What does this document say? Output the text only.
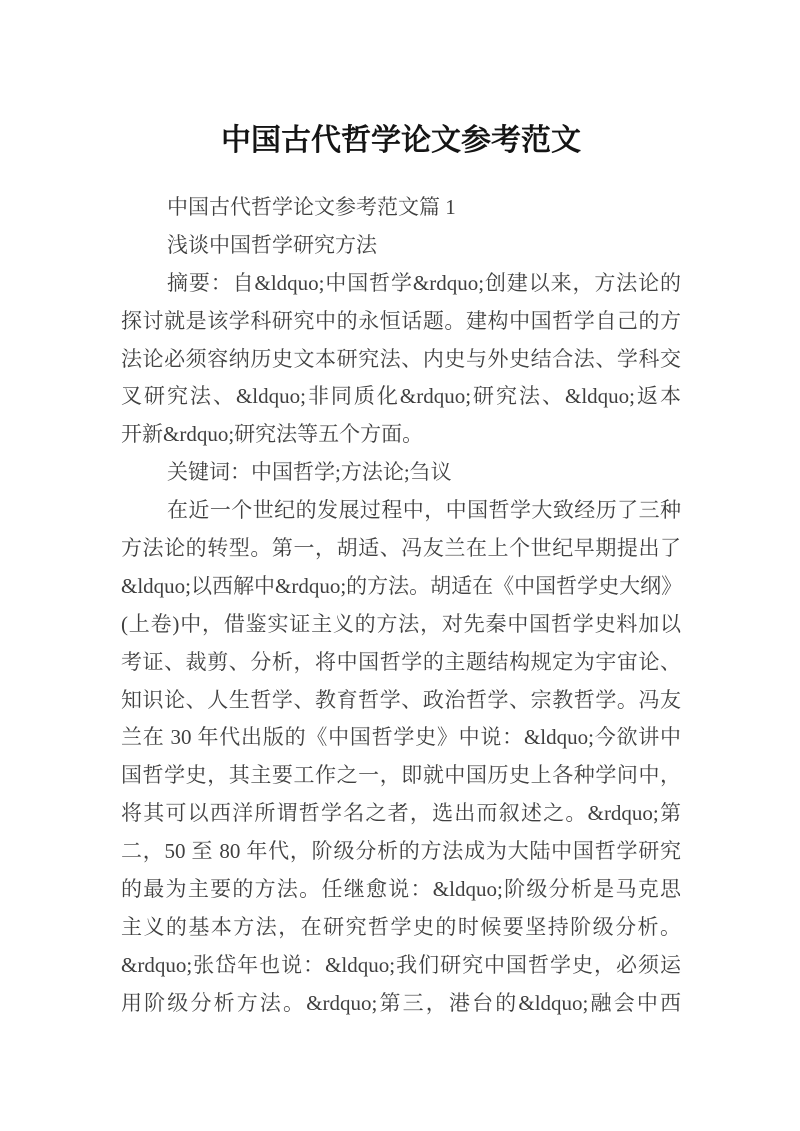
中国古代哲学论文参考范文
中国古代哲学论文参考范文篇 1
浅谈中国哲学研究方法
摘要：自&ldquo;中国哲学&rdquo;创建以来，方法论的
探讨就是该学科研究中的永恒话题。建构中国哲学自己的方
法论必须容纳历史文本研究法、内史与外史结合法、学科交
叉研究法、&ldquo;非同质化&rdquo;研究法、&ldquo;返本
开新&rdquo;研究法等五个方面。
关键词：中国哲学;方法论;刍议
在近一个世纪的发展过程中，中国哲学大致经历了三种
方法论的转型。第一，胡适、冯友兰在上个世纪早期提出了
&ldquo;以西解中&rdquo;的方法。胡适在《中国哲学史大纲》
(上卷)中，借鉴实证主义的方法，对先秦中国哲学史料加以
考证、裁剪、分析，将中国哲学的主题结构规定为宇宙论、
知识论、人生哲学、教育哲学、政治哲学、宗教哲学。冯友
兰在 30 年代出版的《中国哲学史》中说：&ldquo;今欲讲中
国哲学史，其主要工作之一，即就中国历史上各种学问中，
将其可以西洋所谓哲学名之者，选出而叙述之。&rdquo;第
二，50 至 80 年代，阶级分析的方法成为大陆中国哲学研究
的最为主要的方法。任继愈说：&ldquo;阶级分析是马克思
主义的基本方法，在研究哲学史的时候要坚持阶级分析。
&rdquo;张岱年也说：&ldquo;我们研究中国哲学史，必须运
用阶级分析方法。&rdquo;第三，港台的&ldquo;融会中西
